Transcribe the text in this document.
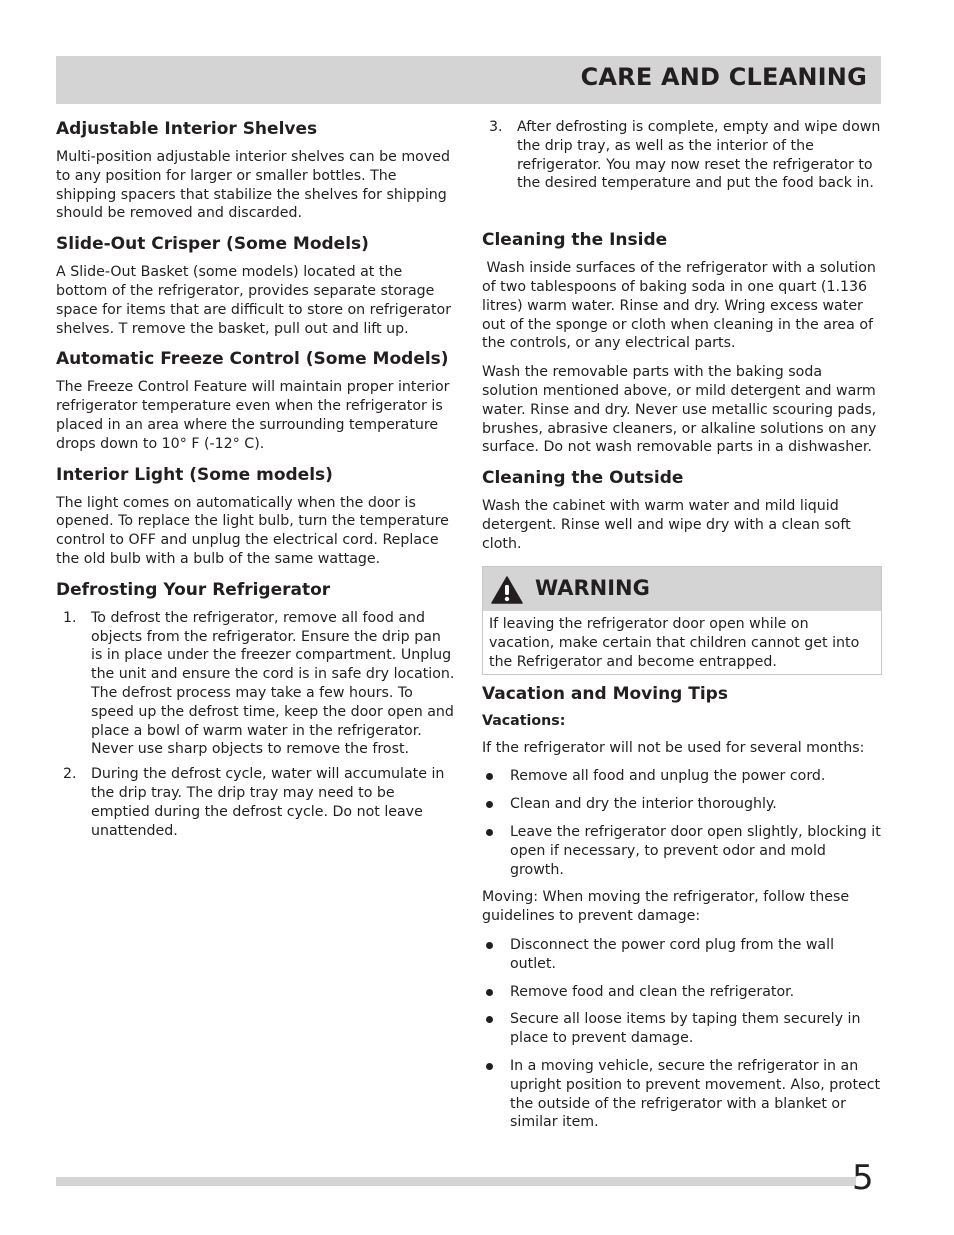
CARE AND CLEANING
Adjustable Interior Shelves

Multi-position adjustable interior shelves can be moved to any position for larger or smaller bottles. The shipping spacers that stabilize the shelves for shipping should be removed and discarded.

Slide-Out Crisper (Some Models)

A Slide-Out Basket (some models) located at the bottom of the refrigerator, provides separate storage space for items that are difficult to store on refrigerator shelves. T remove the basket, pull out and lift up.

Automatic Freeze Control (Some Models)

The Freeze Control Feature will maintain proper interior refrigerator temperature even when the refrigerator is placed in an area where the surrounding temperature drops down to 10° F (-12° C).

Interior Light (Some models)

The light comes on automatically when the door is opened. To replace the light bulb, turn the temperature control to OFF and unplug the electrical cord. Replace the old bulb with a bulb of the same wattage.

Defrosting Your Refrigerator
1. To defrost the refrigerator, remove all food and objects from the refrigerator. Ensure the drip pan is in place under the freezer compartment. Unplug the unit and ensure the cord is in safe dry location. The defrost process may take a few hours. To speed up the defrost time, keep the door open and place a bowl of warm water in the refrigerator. Never use sharp objects to remove the frost.
2. During the defrost cycle, water will accumulate in the drip tray. The drip tray may need to be emptied during the defrost cycle. Do not leave unattended.
3. After defrosting is complete, empty and wipe down the drip tray, as well as the interior of the refrigerator. You may now reset the refrigerator to the desired temperature and put the food back in.
Cleaning the Inside

Wash inside surfaces of the refrigerator with a solution of two tablespoons of baking soda in one quart (1.136 litres) warm water. Rinse and dry. Wring excess water out of the sponge or cloth when cleaning in the area of the controls, or any electrical parts.

Wash the removable parts with the baking soda solution mentioned above, or mild detergent and warm water. Rinse and dry. Never use metallic scouring pads, brushes, abrasive cleaners, or alkaline solutions on any surface. Do not wash removable parts in a dishwasher.

Cleaning the Outside

Wash the cabinet with warm water and mild liquid detergent. Rinse well and wipe dry with a clean soft cloth.

WARNING
If leaving the refrigerator door open while on vacation, make certain that children cannot get into the Refrigerator and become entrapped.
Vacation and Moving Tips
Vacations:

If the refrigerator will not be used for several months:

Remove all food and unplug the power cord.
Clean and dry the interior thoroughly.
Leave the refrigerator door open slightly, blocking it open if necessary, to prevent odor and mold growth.

Moving: When moving the refrigerator, follow these guidelines to prevent damage:

Disconnect the power cord plug from the wall outlet.
Remove food and clean the refrigerator.
Secure all loose items by taping them securely in place to prevent damage.
In a moving vehicle, secure the refrigerator in an upright position to prevent movement. Also, protect the outside of the refrigerator with a blanket or similar item.
5
